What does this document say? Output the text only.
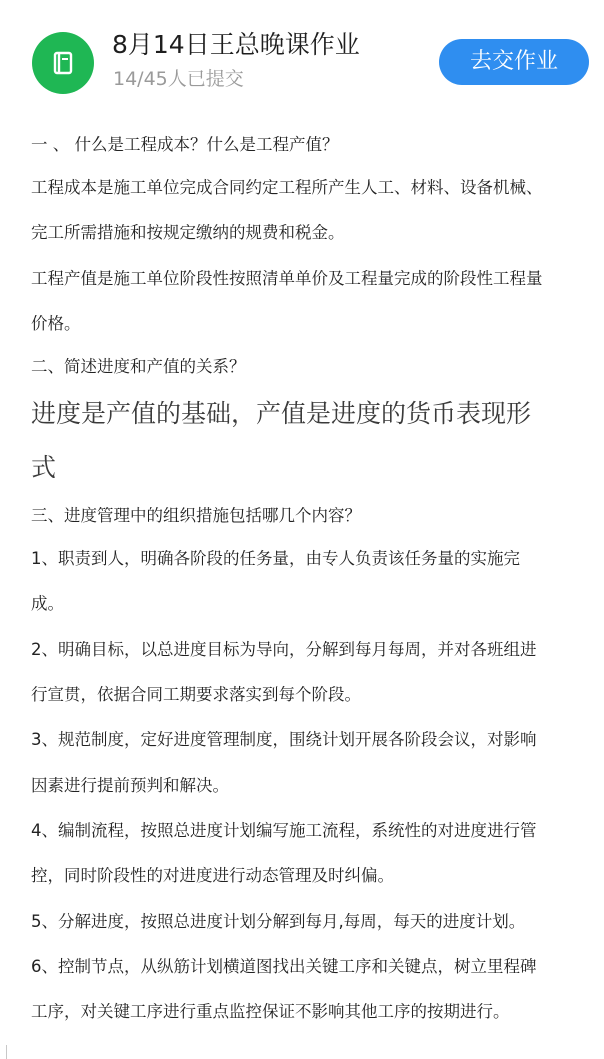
8月14日王总晚课作业
14/45人已提交
去交作业
一 、 什么是工程成本？什么是工程产值？
工程成本是施工单位完成合同约定工程所产生人工、材料、设备机械、
完工所需措施和按规定缴纳的规费和税金。
工程产值是施工单位阶段性按照清单单价及工程量完成的阶段性工程量
价格。
二、简述进度和产值的关系？
进度是产值的基础，产值是进度的货币表现形
式
三、进度管理中的组织措施包括哪几个内容？
1、职责到人，明确各阶段的任务量，由专人负责该任务量的实施完
成。
2、明确目标，以总进度目标为导向，分解到每月每周，并对各班组进
行宣贯，依据合同工期要求落实到每个阶段。
3、规范制度，定好进度管理制度，围绕计划开展各阶段会议，对影响
因素进行提前预判和解决。
4、编制流程，按照总进度计划编写施工流程，系统性的对进度进行管
控，同时阶段性的对进度进行动态管理及时纠偏。
5、分解进度，按照总进度计划分解到每月,每周，每天的进度计划。
6、控制节点，从纵筋计划横道图找出关键工序和关键点，树立里程碑
工序，对关键工序进行重点监控保证不影响其他工序的按期进行。
